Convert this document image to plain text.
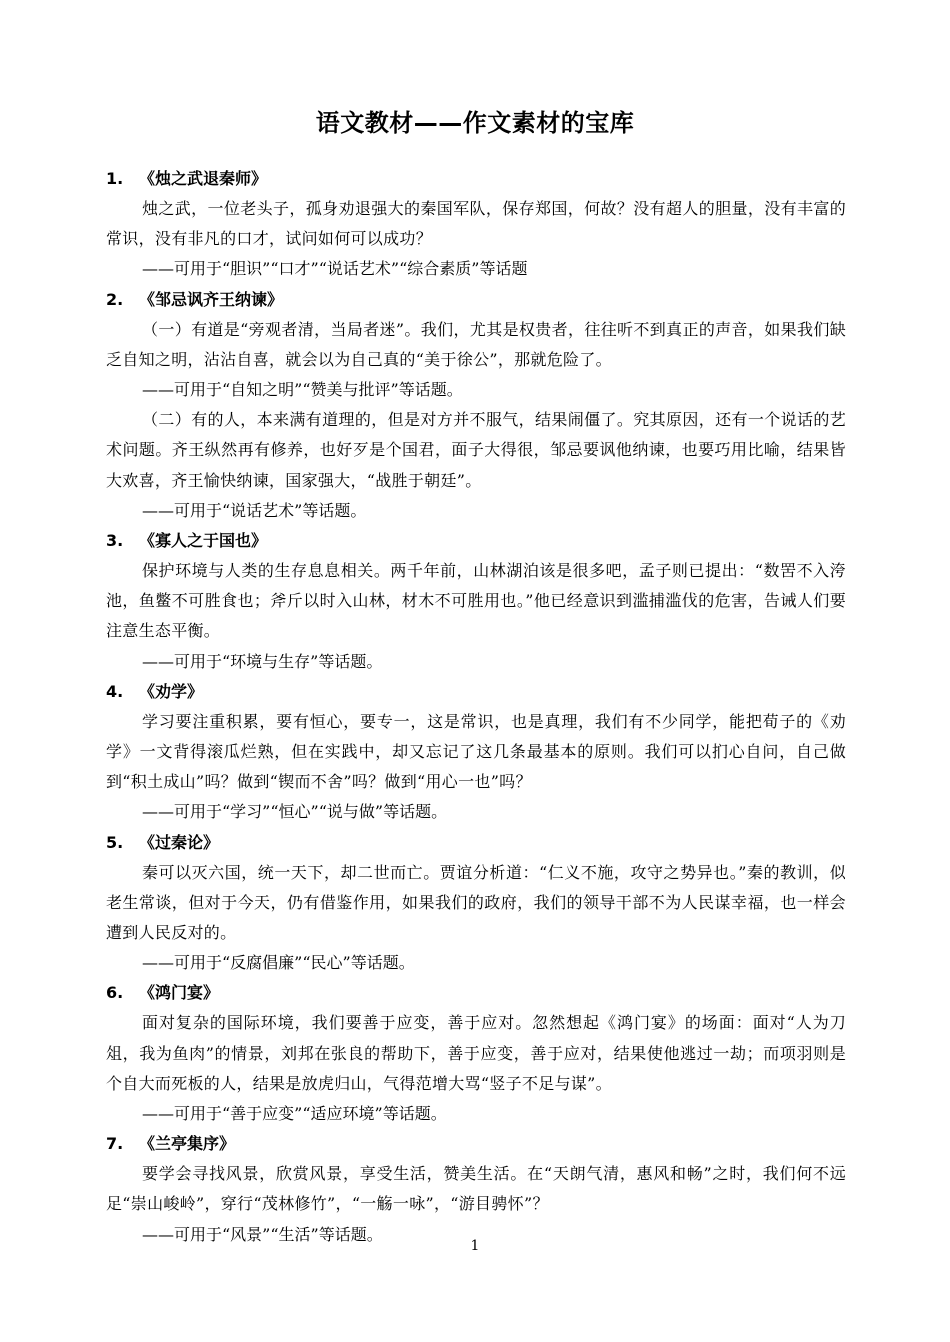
语文教材——作文素材的宝库
1. 《烛之武退秦师》
烛之武，一位老头子，孤身劝退强大的秦国军队，保存郑国，何故？没有超人的胆量，没有丰富的常识，没有非凡的口才，试问如何可以成功？
——可用于“胆识”“口才”“说话艺术”“综合素质”等话题
2. 《邹忌讽齐王纳谏》
（一）有道是“旁观者清，当局者迷”。我们，尤其是权贵者，往往听不到真正的声音，如果我们缺乏自知之明，沾沾自喜，就会以为自己真的“美于徐公”，那就危险了。
——可用于“自知之明”“赞美与批评”等话题。
（二）有的人，本来满有道理的，但是对方并不服气，结果闹僵了。究其原因，还有一个说话的艺术问题。齐王纵然再有修养，也好歹是个国君，面子大得很，邹忌要讽他纳谏，也要巧用比喻，结果皆大欢喜，齐王愉快纳谏，国家强大，“战胜于朝廷”。
——可用于“说话艺术”等话题。
3. 《寡人之于国也》
保护环境与人类的生存息息相关。两千年前，山林湖泊该是很多吧，孟子则已提出：“数罟不入洿池，鱼鳖不可胜食也；斧斤以时入山林，材木不可胜用也。”他已经意识到滥捕滥伐的危害，告诫人们要注意生态平衡。
——可用于“环境与生存”等话题。
4. 《劝学》
学习要注重积累，要有恒心，要专一，这是常识，也是真理，我们有不少同学，能把荀子的《劝学》一文背得滚瓜烂熟，但在实践中，却又忘记了这几条最基本的原则。我们可以扪心自问，自己做到“积土成山”吗？做到“锲而不舍”吗？做到“用心一也”吗？
——可用于“学习”“恒心”“说与做”等话题。
5. 《过秦论》
秦可以灭六国，统一天下，却二世而亡。贾谊分析道：“仁义不施，攻守之势异也。”秦的教训，似老生常谈，但对于今天，仍有借鉴作用，如果我们的政府，我们的领导干部不为人民谋幸福，也一样会遭到人民反对的。
——可用于“反腐倡廉”“民心”等话题。
6. 《鸿门宴》
面对复杂的国际环境，我们要善于应变，善于应对。忽然想起《鸿门宴》的场面：面对“人为刀俎，我为鱼肉”的情景，刘邦在张良的帮助下，善于应变，善于应对，结果使他逃过一劫；而项羽则是个自大而死板的人，结果是放虎归山，气得范增大骂“竖子不足与谋”。
——可用于“善于应变”“适应环境”等话题。
7. 《兰亭集序》
要学会寻找风景，欣赏风景，享受生活，赞美生活。在“天朗气清，惠风和畅”之时，我们何不远足“崇山峻岭”，穿行“茂林修竹”，“一觞一咏”，“游目骋怀”？
——可用于“风景”“生活”等话题。
1
